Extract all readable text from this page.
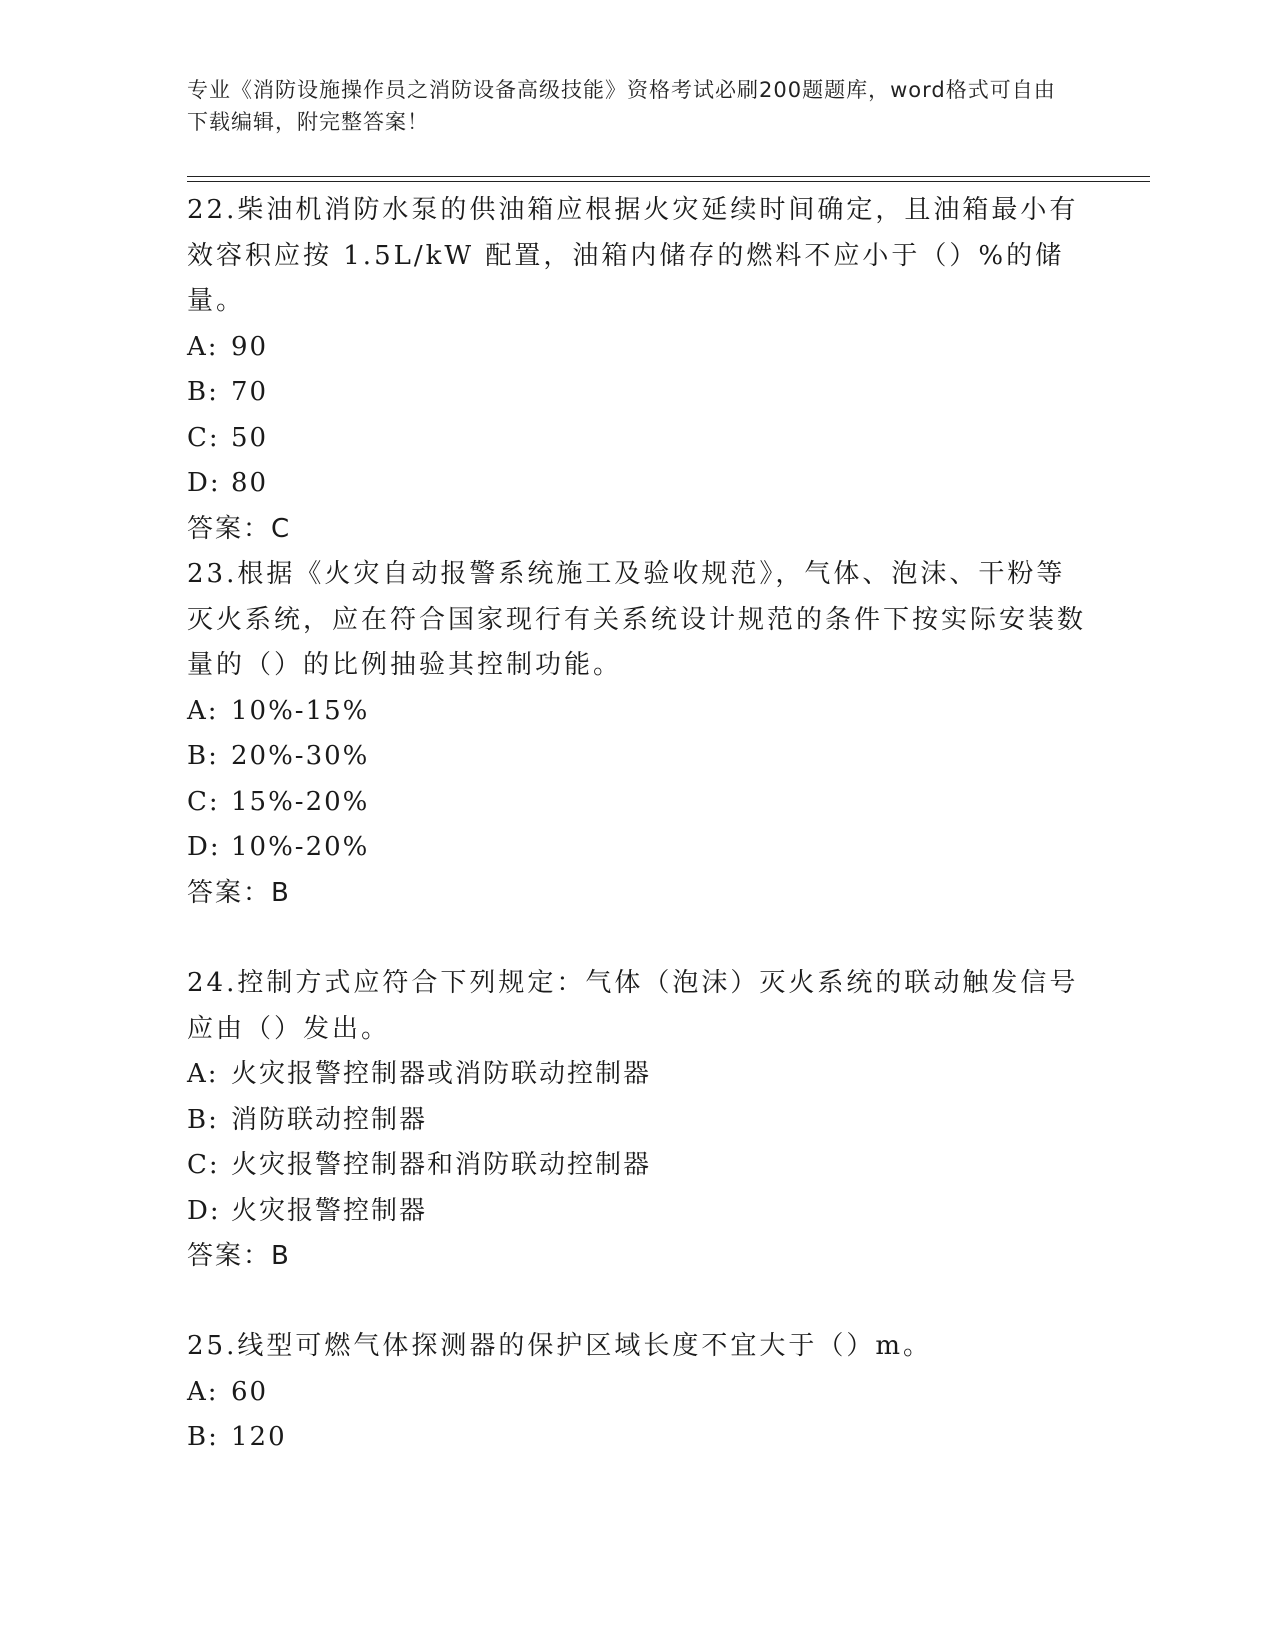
专业《消防设施操作员之消防设备高级技能》资格考试必刷200题题库，word格式可自由下载编辑，附完整答案！

22.柴油机消防水泵的供油箱应根据火灾延续时间确定，且油箱最小有效容积应按 1.5L/kW 配置，油箱内储存的燃料不应小于（）%的储量。

A: 90

B: 70

C: 50

D: 80

答案：C

23.根据《火灾自动报警系统施工及验收规范》，气体、泡沫、干粉等灭火系统，应在符合国家现行有关系统设计规范的条件下按实际安装数量的（）的比例抽验其控制功能。

A: 10%-15%

B: 20%-30%

C: 15%-20%

D: 10%-20%

答案：B

24.控制方式应符合下列规定：气体（泡沫）灭火系统的联动触发信号应由（）发出。

A: 火灾报警控制器或消防联动控制器

B: 消防联动控制器

C: 火灾报警控制器和消防联动控制器

D: 火灾报警控制器

答案：B

25.线型可燃气体探测器的保护区域长度不宜大于（）m。

A: 60

B: 120
